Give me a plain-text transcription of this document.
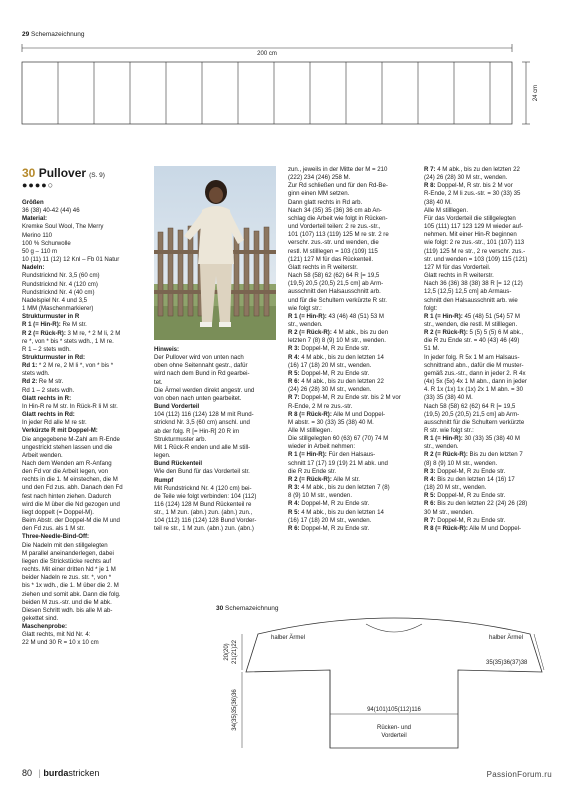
29 Schemazeichnung
200 cm
24 cm
30 Pullover (S. 9)
●●●●○

Größen

36 (38) 40-42 (44) 46

Material:

Kremke Soul Wool, The Merry

Merino 110

100 % Schurwolle

50 g – 110 m

10 (11) 11 (12) 12 Knl – Fb 01 Natur

Nadeln:

Rundstricknd Nr. 3,5 (60 cm)

Rundstricknd Nr. 4 (120 cm)

Rundstricknd Nr. 4 (40 cm)

Nadelspiel Nr. 4 und 3,5

1 MM (Maschenmarkierer)

Strukturmuster in R

R 1 (= Hin-R): Re M str.

R 2 (= Rück-R): 3 M re, * 2 M li, 2 M

re *, von * bis * stets wdh., 1 M re.

R 1 – 2 stets wdh.

Strukturmuster in Rd:

Rd 1: * 2 M re, 2 M li *, von * bis *

stets wdh.

Rd 2: Re M str.

Rd 1 – 2 stets wdh.

Glatt rechts in R:

In Hin-R re M str. In Rück-R li M str.

Glatt rechts in Rd:

In jeder Rd alle M re str.

Verkürzte R mit Doppel-M:

Die angegebene M-Zahl am R-Ende

ungestrickt stehen lassen und die

Arbeit wenden.

Nach dem Wenden am R-Anfang

den Fd vor die Arbeit legen, von

rechts in die 1. M einstechen, die M

und den Fd zus. abh. Danach den Fd

fest nach hinten ziehen. Dadurch

wird die M über die Nd gezogen und

liegt doppelt (= Doppel-M).

Beim Abstr. der Doppel-M die M und

den Fd zus. als 1 M str.

Three-Needle-Bind-Off:

Die Nadeln mit den stillgelegten

M parallel aneinanderlegen, dabei

liegen die Strickstücke rechts auf

rechts. Mit einer dritten Nd * je 1 M

beider Nadeln re zus. str. *, von *

bis * 1x wdh., die 1. M über die 2. M

ziehen und somit abk. Dann die folg.

beiden M zus.-str. und die M abk.

Diesen Schritt wdh. bis alle M ab-

gekettet sind.

Maschenprobe:

Glatt rechts, mit Nd Nr. 4:

22 M und 30 R = 10 x 10 cm

Hinweis:

Der Pullover wird von unten nach

oben ohne Seitennaht gestr., dafür

wird nach dem Bund in Rd gearbei-

tet.

Die Ärmel werden direkt angestr. und

von oben nach unten gearbeitet.

Bund Vorderteil

104 (112) 116 (124) 128 M mit Rund-

stricknd Nr. 3,5 (60 cm) anschl. und

ab der folg. R [= Hin-R] 20 R im

Strukturmuster arb.

Mit 1 Rück-R enden und alle M still-

legen.

Bund Rückenteil

Wie den Bund für das Vorderteil str.

Rumpf

Mit Rundstricknd Nr. 4 (120 cm) bei-

de Teile wie folgt verbinden: 104 (112)

116 (124) 128 M Bund Rückenteil re

str., 1 M zun. (abn.) zun. (abn.) zun.,

104 (112) 116 (124) 128 Bund Vorder-

teil re str., 1 M zun. (abn.) zun. (abn.)

zun., jeweils in der Mitte der M = 210

(222) 234 (246) 258 M.

Zur Rd schließen und für den Rd-Be-

ginn einen MM setzen.

Dann glatt rechts in Rd arb.

Nach 34 (35) 35 (36) 36 cm ab An-

schlag die Arbeit wie folgt in Rücken-

und Vorderteil teilen: 2 re zus.-str.,

101 (107) 113 (119) 125 M re str. 2 re

verschr. zus.-str. und wenden, die

restl. M stilllegen = 103 (109) 115

(121) 127 M für das Rückenteil.

Glatt rechts in R weiterstr.

Nach 58 (58) 62 (62) 64 R [= 19,5

(19,5) 20,5 (20,5) 21,5 cm] ab Arm-

ausschnitt den Halsausschnitt arb.

und für die Schultern verkürzte R str.

wie folgt str.:

R 1 (= Hin-R): 43 (46) 48 (51) 53 M

str., wenden.

R 2 (= Rück-R): 4 M abk., bis zu den

letzten 7 (8) 8 (9) 10 M str., wenden.

R 3: Doppel-M, R zu Ende str.

R 4: 4 M abk., bis zu den letzten 14

(16) 17 (18) 20 M str., wenden.

R 5: Doppel-M, R zu Ende str.

R 6: 4 M abk., bis zu den letzten 22

(24) 26 (28) 30 M str., wenden.

R 7: Doppel-M, R zu Ende str. bis 2 M vor

R-Ende, 2 M re zus.-str.

R 8 (= Rück-R): Alle M und Doppel-

M abstr. = 30 (33) 35 (38) 40 M.

Alle M stilllegen.

Die stillgelegten 60 (63) 67 (70) 74 M

wieder in Arbeit nehmen:

R 1 (= Hin-R): Für den Halsaus-

schnitt 17 (17) 19 (19) 21 M abk. und

die R zu Ende str.

R 2 (= Rück-R): Alle M str.

R 3: 4 M abk., bis zu den letzten 7 (8)

8 (9) 10 M str., wenden.

R 4: Doppel-M, R zu Ende str.

R 5: 4 M abk., bis zu den letzten 14

(16) 17 (18) 20 M str., wenden.

R 6: Doppel-M, R zu Ende str.

R 7: 4 M abk., bis zu den letzten 22

(24) 26 (28) 30 M str., wenden.

R 8: Doppel-M, R str. bis 2 M vor

R-Ende, 2 M li zus.-str. = 30 (33) 35

(38) 40 M.

Alle M stilllegen.

Für das Vorderteil die stillgelegten

105 (111) 117 123 129 M wieder auf-

nehmen. Mit einer Hin-R beginnen

wie folgt: 2 re zus.-str., 101 (107) 113

(119) 125 M re str., 2 re verschr. zus.-

str. und wenden = 103 (109) 115 (121)

127 M für das Vorderteil.

Glatt rechts in R weiterstr.

Nach 36 (36) 38 (38) 38 R [= 12 (12)

12,5 (12,5) 12,5 cm] ab Armaus-

schnitt den Halsausschnitt arb. wie

folgt:

R 1 (= Hin-R): 45 (48) 51 (54) 57 M

str., wenden, die restl. M stilllegen.

R 2 (= Rück-R): 5 (5) 5 (5) 6 M abk.,

die R zu Ende str. = 40 (43) 46 (49)

51 M.

In jeder folg. R 5x 1 M am Halsaus-

schnittrand abn., dafür die M muster-

gemäß zus.-str., dann in jeder 2. R 4x

(4x) 5x (5x) 4x 1 M abn., dann in jeder

4. R 1x (1x) 1x (1x) 2x 1 M abn. = 30

(33) 35 (38) 40 M.

Nach 58 (58) 62 (62) 64 R [= 19,5

(19,5) 20,5 (20,5) 21,5 cm] ab Arm-

ausschnitt für die Schultern verkürzte

R str. wie folgt str.:

R 1 (= Hin-R): 30 (33) 35 (38) 40 M

str., wenden.

R 2 (= Rück-R): Bis zu den letzten 7

(8) 8 (9) 10 M str., wenden.

R 3: Doppel-M, R zu Ende str.

R 4: Bis zu den letzten 14 (16) 17

(18) 20 M str., wenden.

R 5: Doppel-M, R zu Ende str.

R 6: Bis zu den letzten 22 (24) 26 (28)

30 M str., wenden.

R 7: Doppel-M, R zu Ende str.

R 8 (= Rück-R): Alle M und Doppel-

30 Schemazeichnung
halber Ärmel	halber Ärmel
35(35)36(37)38
20(20) 21(21)22
34(35)35(36)36	94(101)105(112)116
Rücken- und
Vorderteil
80 | burdastricken	PassionForum.ru
